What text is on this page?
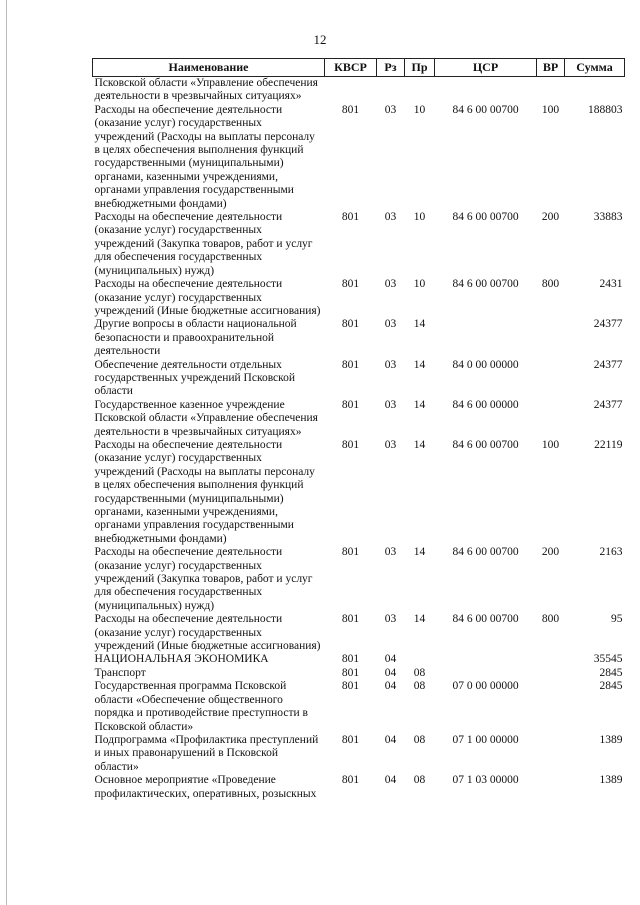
12
Наименование	КВСР	Рз	Пр	ЦСР	ВР	Сумма
Псковской области «Управление обеспечения деятельности в чрезвычайных ситуациях»						
Расходы на обеспечение деятельности (оказание услуг) государственных учреждений (Расходы на выплаты персоналу в целях обеспечения выполнения функций государственными (муниципальными) органами, казенными учреждениями, органами управления государственными внебюджетными фондами)	801	03	10	84 6 00 00700	100	188803
Расходы на обеспечение деятельности (оказание услуг) государственных учреждений (Закупка товаров, работ и услуг для обеспечения государственных (муниципальных) нужд)	801	03	10	84 6 00 00700	200	33883
Расходы на обеспечение деятельности (оказание услуг) государственных учреждений (Иные бюджетные ассигнования)	801	03	10	84 6 00 00700	800	2431
Другие вопросы в области национальной безопасности и правоохранительной деятельности	801	03	14			24377
Обеспечение деятельности отдельных государственных учреждений Псковской области	801	03	14	84 0 00 00000		24377
Государственное казенное учреждение Псковской области «Управление обеспечения деятельности в чрезвычайных ситуациях»	801	03	14	84 6 00 00000		24377
Расходы на обеспечение деятельности (оказание услуг) государственных учреждений (Расходы на выплаты персоналу в целях обеспечения выполнения функций государственными (муниципальными) органами, казенными учреждениями, органами управления государственными внебюджетными фондами)	801	03	14	84 6 00 00700	100	22119
Расходы на обеспечение деятельности (оказание услуг) государственных учреждений (Закупка товаров, работ и услуг для обеспечения государственных (муниципальных) нужд)	801	03	14	84 6 00 00700	200	2163
Расходы на обеспечение деятельности (оказание услуг) государственных учреждений (Иные бюджетные ассигнования)	801	03	14	84 6 00 00700	800	95
НАЦИОНАЛЬНАЯ ЭКОНОМИКА	801	04				35545
Транспорт	801	04	08			2845
Государственная программа Псковской области «Обеспечение общественного порядка и противодействие преступности в Псковской области»	801	04	08	07 0 00 00000		2845
Подпрограмма «Профилактика преступлений и иных правонарушений в Псковской области»	801	04	08	07 1 00 00000		1389
Основное мероприятие «Проведение профилактических, оперативных, розыскных	801	04	08	07 1 03 00000		1389
